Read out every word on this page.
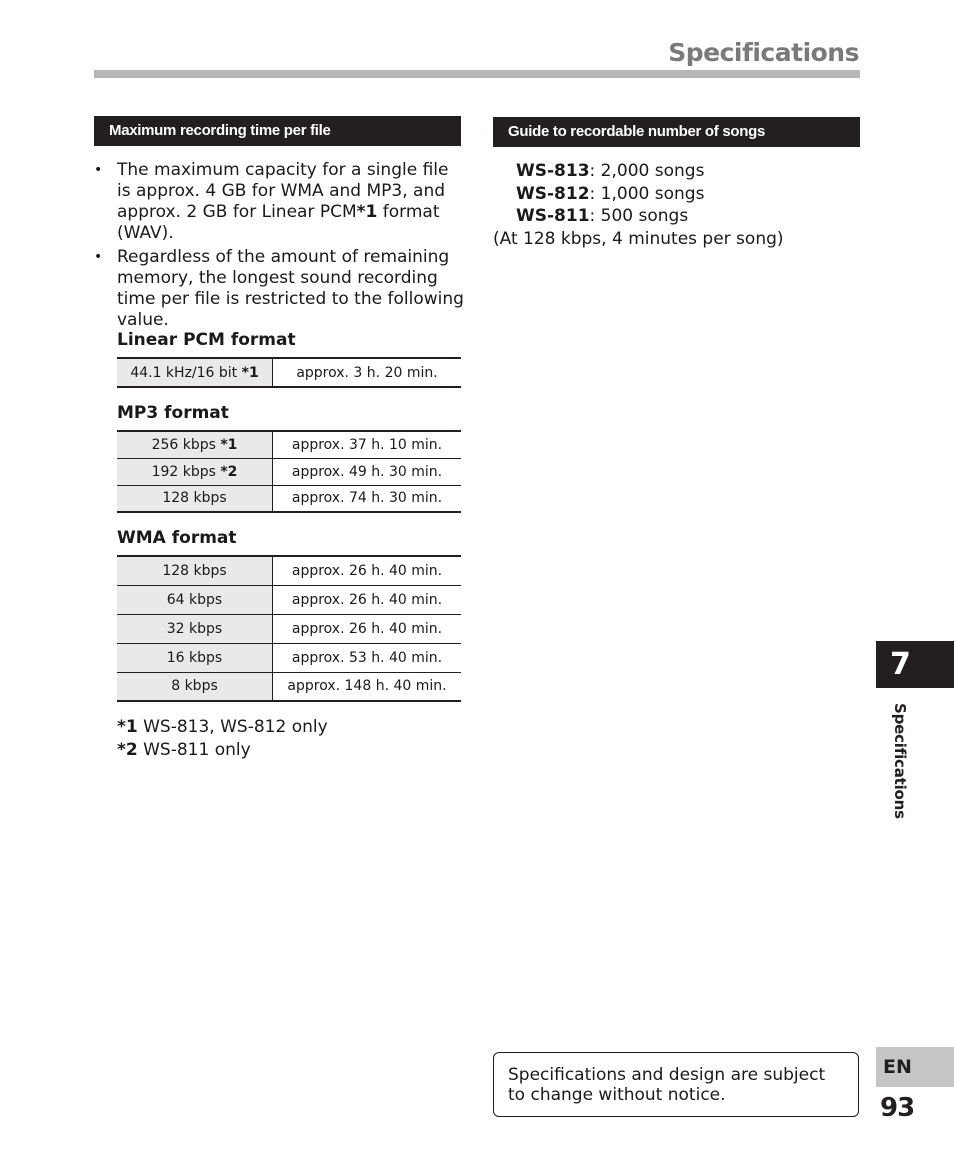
Specifications
Maximum recording time per file
• The maximum capacity for a single file is approx. 4 GB for WMA and MP3, and approx. 2 GB for Linear PCM*1 format (WAV).
• Regardless of the amount of remaining memory, the longest sound recording time per file is restricted to the following value.
Linear PCM format
44.1 kHz/16 bit *1	approx. 3 h. 20 min.
MP3 format
256 kbps *1	approx. 37 h. 10 min.
192 kbps *2	approx. 49 h. 30 min.
128 kbps	approx. 74 h. 30 min.
WMA format
128 kbps	approx. 26 h. 40 min.
64 kbps	approx. 26 h. 40 min.
32 kbps	approx. 26 h. 40 min.
16 kbps	approx. 53 h. 40 min.
8 kbps	approx. 148 h. 40 min.
*1 WS-813, WS-812 only
*2 WS-811 only
Guide to recordable number of songs
WS-813: 2,000 songs
WS-812: 1,000 songs
WS-811: 500 songs
(At 128 kbps, 4 minutes per song)
Specifications and design are subject to change without notice.
7
Specifications
EN
93
